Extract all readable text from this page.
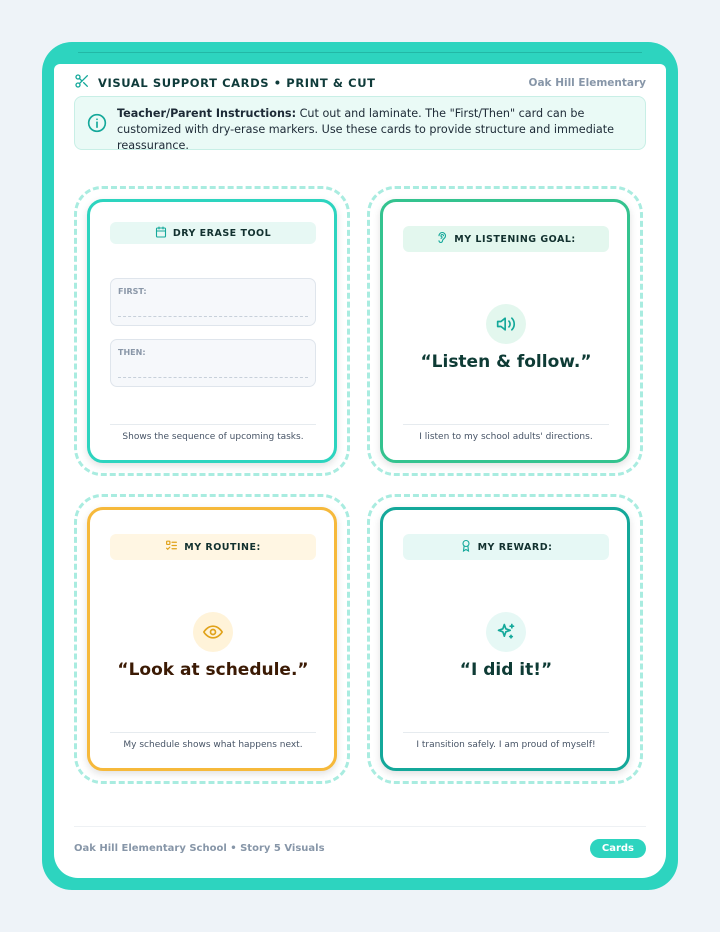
VISUAL SUPPORT CARDS • PRINT & CUT	Oak Hill Elementary
Teacher/Parent Instructions: Cut out and laminate. The "First/Then" card can be customized with dry-erase markers. Use these cards to provide structure and immediate reassurance.
DRY ERASE TOOL
FIRST:
THEN:
Shows the sequence of upcoming tasks.
MY LISTENING GOAL:
“Listen & follow.”
I listen to my school adults' directions.
MY ROUTINE:
“Look at schedule.”
My schedule shows what happens next.
MY REWARD:
“I did it!”
I transition safely. I am proud of myself!
Oak Hill Elementary School • Story 5 Visuals	Cards
